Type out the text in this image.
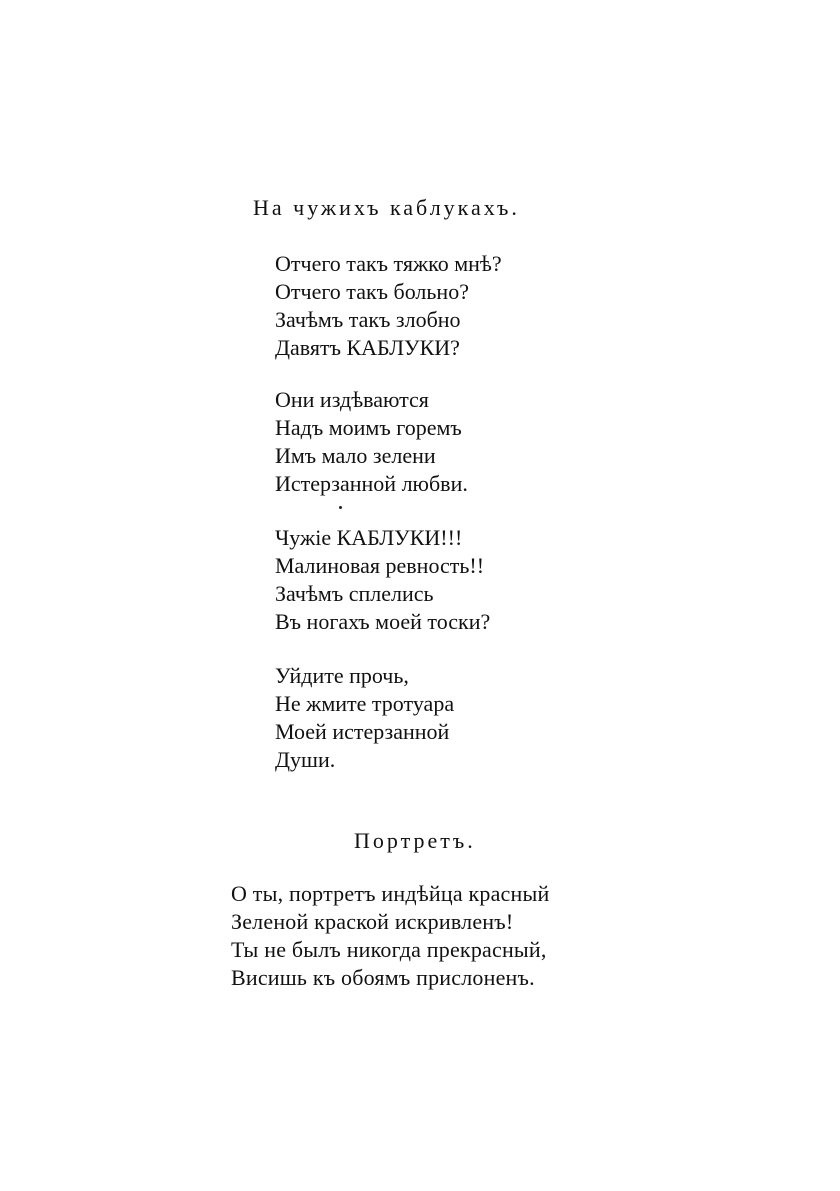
На чужихъ каблукахъ.
Отчего такъ тяжко мнѣ?
Отчего такъ больно?
Зачѣмъ такъ злобно
Давятъ КАБЛУКИ?
Они издѣваются
Надъ моимъ горемъ
Имъ мало зелени
Истерзанной любви.
Чужіе КАБЛУКИ!!!
Малиновая ревность!!
Зачѣмъ сплелись
Въ ногахъ моей тоски?
Уйдите прочь,
Не жмите тротуара
Моей истерзанной
Души.
Портретъ.
О ты, портретъ индѣйца красный
Зеленой краской искривленъ!
Ты не былъ никогда прекрасный,
Висишь къ обоямъ прислоненъ.
